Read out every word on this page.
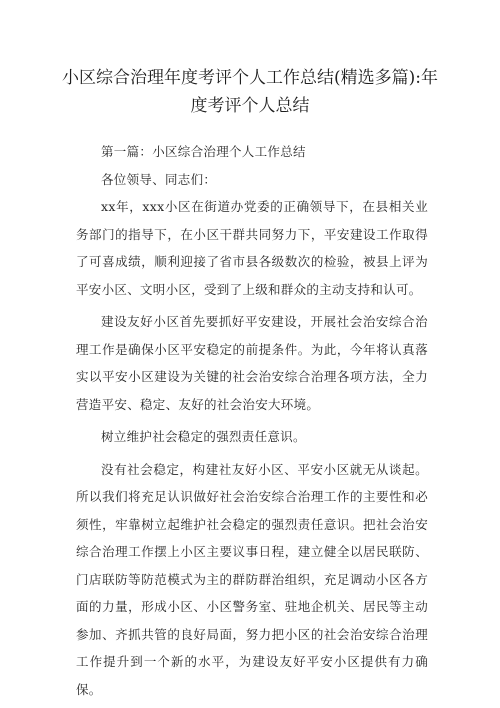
小区综合治理年度考评个人工作总结(精选多篇):年度考评个人总结

第一篇：小区综合治理个人工作总结

各位领导、同志们：

xx年，xxx小区在街道办党委的正确领导下，在县相关业务部门的指导下，在小区干群共同努力下，平安建设工作取得了可喜成绩，顺利迎接了省市县各级数次的检验，被县上评为平安小区、文明小区，受到了上级和群众的主动支持和认可。

建设友好小区首先要抓好平安建设，开展社会治安综合治理工作是确保小区平安稳定的前提条件。为此，今年将认真落实以平安小区建设为关键的社会治安综合治理各项方法，全力营造平安、稳定、友好的社会治安大环境。

树立维护社会稳定的强烈责任意识。

没有社会稳定，构建社友好小区、平安小区就无从谈起。所以我们将充足认识做好社会治安综合治理工作的主要性和必须性，牢靠树立起维护社会稳定的强烈责任意识。把社会治安综合治理工作摆上小区主要议事日程，建立健全以居民联防、门店联防等防范模式为主的群防群治组织，充足调动小区各方面的力量，形成小区、小区警务室、驻地企机关、居民等主动参加、齐抓共管的良好局面，努力把小区的社会治安综合治理工作提升到一个新的水平，为建设友好平安小区提供有力确保。
